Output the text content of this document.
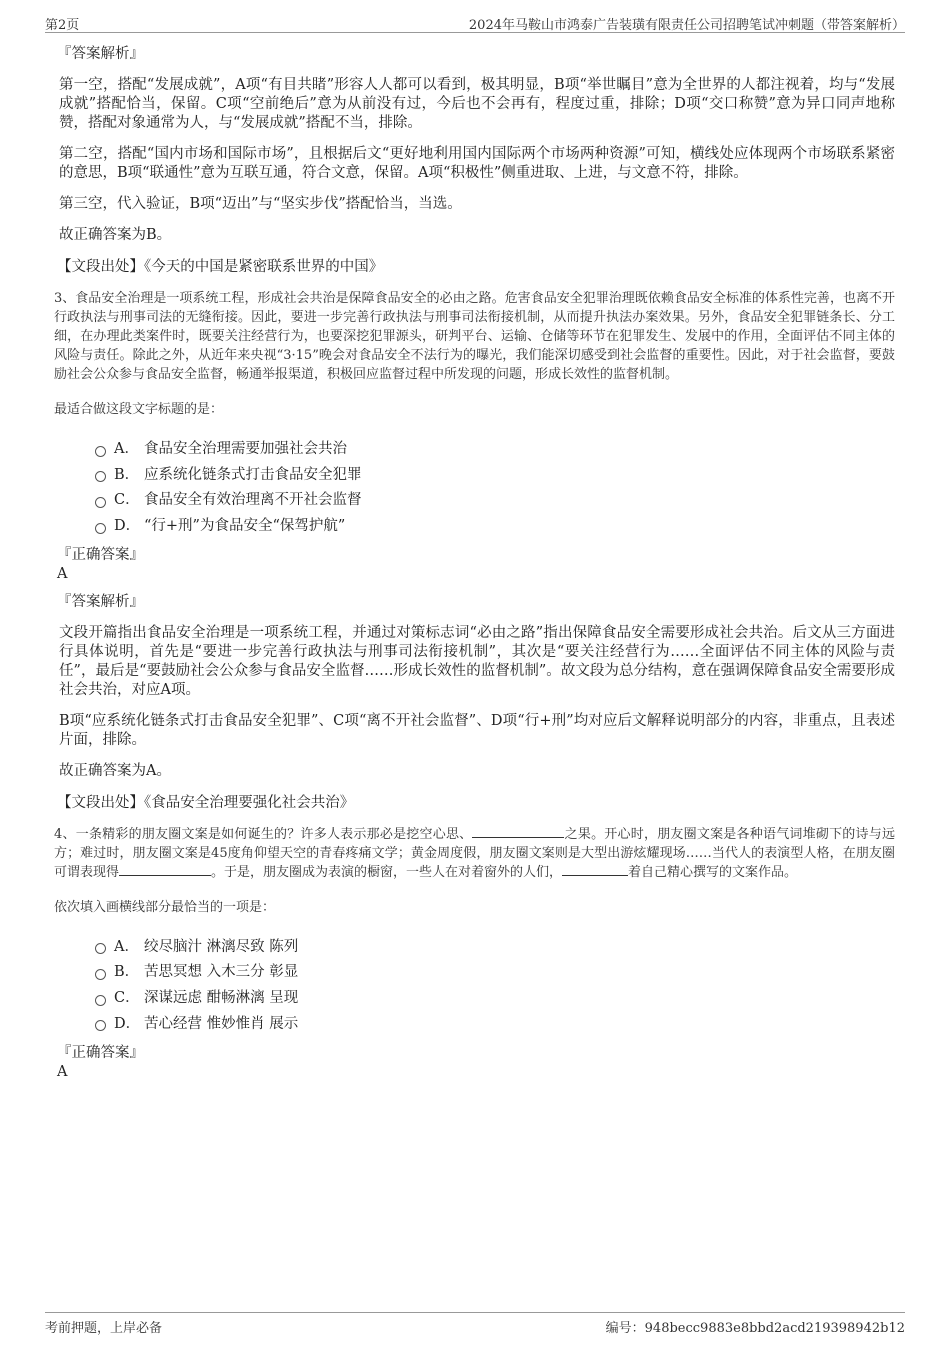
第2页	2024年马鞍山市鸿泰广告装璜有限责任公司招聘笔试冲刺题（带答案解析）
『答案解析』

第一空，搭配“发展成就”，A项“有目共睹”形容人人都可以看到，极其明显，B项“举世瞩目”意为全世界的人都注视着，均与“发展成就”搭配恰当，保留。C项“空前绝后”意为从前没有过，今后也不会再有，程度过重，排除；D项“交口称赞”意为异口同声地称赞，搭配对象通常为人，与“发展成就”搭配不当，排除。

第二空，搭配“国内市场和国际市场”，且根据后文“更好地利用国内国际两个市场两种资源”可知，横线处应体现两个市场联系紧密的意思，B项“联通性”意为互联互通，符合文意，保留。A项“积极性”侧重进取、上进，与文意不符，排除。

第三空，代入验证，B项“迈出”与“坚实步伐”搭配恰当，当选。

故正确答案为B。

【文段出处】《今天的中国是紧密联系世界的中国》

3、食品安全治理是一项系统工程，形成社会共治是保障食品安全的必由之路。危害食品安全犯罪治理既依赖食品安全标准的体系性完善，也离不开行政执法与刑事司法的无缝衔接。因此，要进一步完善行政执法与刑事司法衔接机制，从而提升执法办案效果。另外，食品安全犯罪链条长、分工细，在办理此类案件时，既要关注经营行为，也要深挖犯罪源头，研判平台、运输、仓储等环节在犯罪发生、发展中的作用，全面评估不同主体的风险与责任。除此之外，从近年来央视“3·15”晚会对食品安全不法行为的曝光，我们能深切感受到社会监督的重要性。因此，对于社会监督，要鼓励社会公众参与食品安全监督，畅通举报渠道，积极回应监督过程中所发现的问题，形成长效性的监督机制。

最适合做这段文字标题的是：
A． 食品安全治理需要加强社会共治
B． 应系统化链条式打击食品安全犯罪
C． 食品安全有效治理离不开社会监督
D． “行+刑”为食品安全“保驾护航”
『正确答案』
A
『答案解析』

文段开篇指出食品安全治理是一项系统工程，并通过对策标志词“必由之路”指出保障食品安全需要形成社会共治。后文从三方面进行具体说明，首先是“要进一步完善行政执法与刑事司法衔接机制”，其次是“要关注经营行为……全面评估不同主体的风险与责任”，最后是“要鼓励社会公众参与食品安全监督……形成长效性的监督机制”。故文段为总分结构，意在强调保障食品安全需要形成社会共治，对应A项。

B项“应系统化链条式打击食品安全犯罪”、C项“离不开社会监督”、D项“行+刑”均对应后文解释说明部分的内容，非重点，且表述片面，排除。

故正确答案为A。

【文段出处】《食品安全治理要强化社会共治》

4、一条精彩的朋友圈文案是如何诞生的？许多人表示那必是挖空心思、	之果。开心时，朋友圈文案是各种语气词堆砌下的诗与远方；难过时，朋友圈文案是45度角仰望天空的青春疼痛文学；黄金周度假，朋友圈文案则是大型出游炫耀现场……当代人的表演型人格，在朋友圈可谓表现得	。于是，朋友圈成为表演的橱窗，一些人在对着窗外的人们，	着自己精心撰写的文案作品。

依次填入画横线部分最恰当的一项是：
A． 绞尽脑汁 淋漓尽致 陈列
B． 苦思冥想 入木三分 彰显
C． 深谋远虑 酣畅淋漓 呈现
D． 苦心经营 惟妙惟肖 展示
『正确答案』
A
考前押题，上岸必备	编号：948becc9883e8bbd2acd219398942b12
